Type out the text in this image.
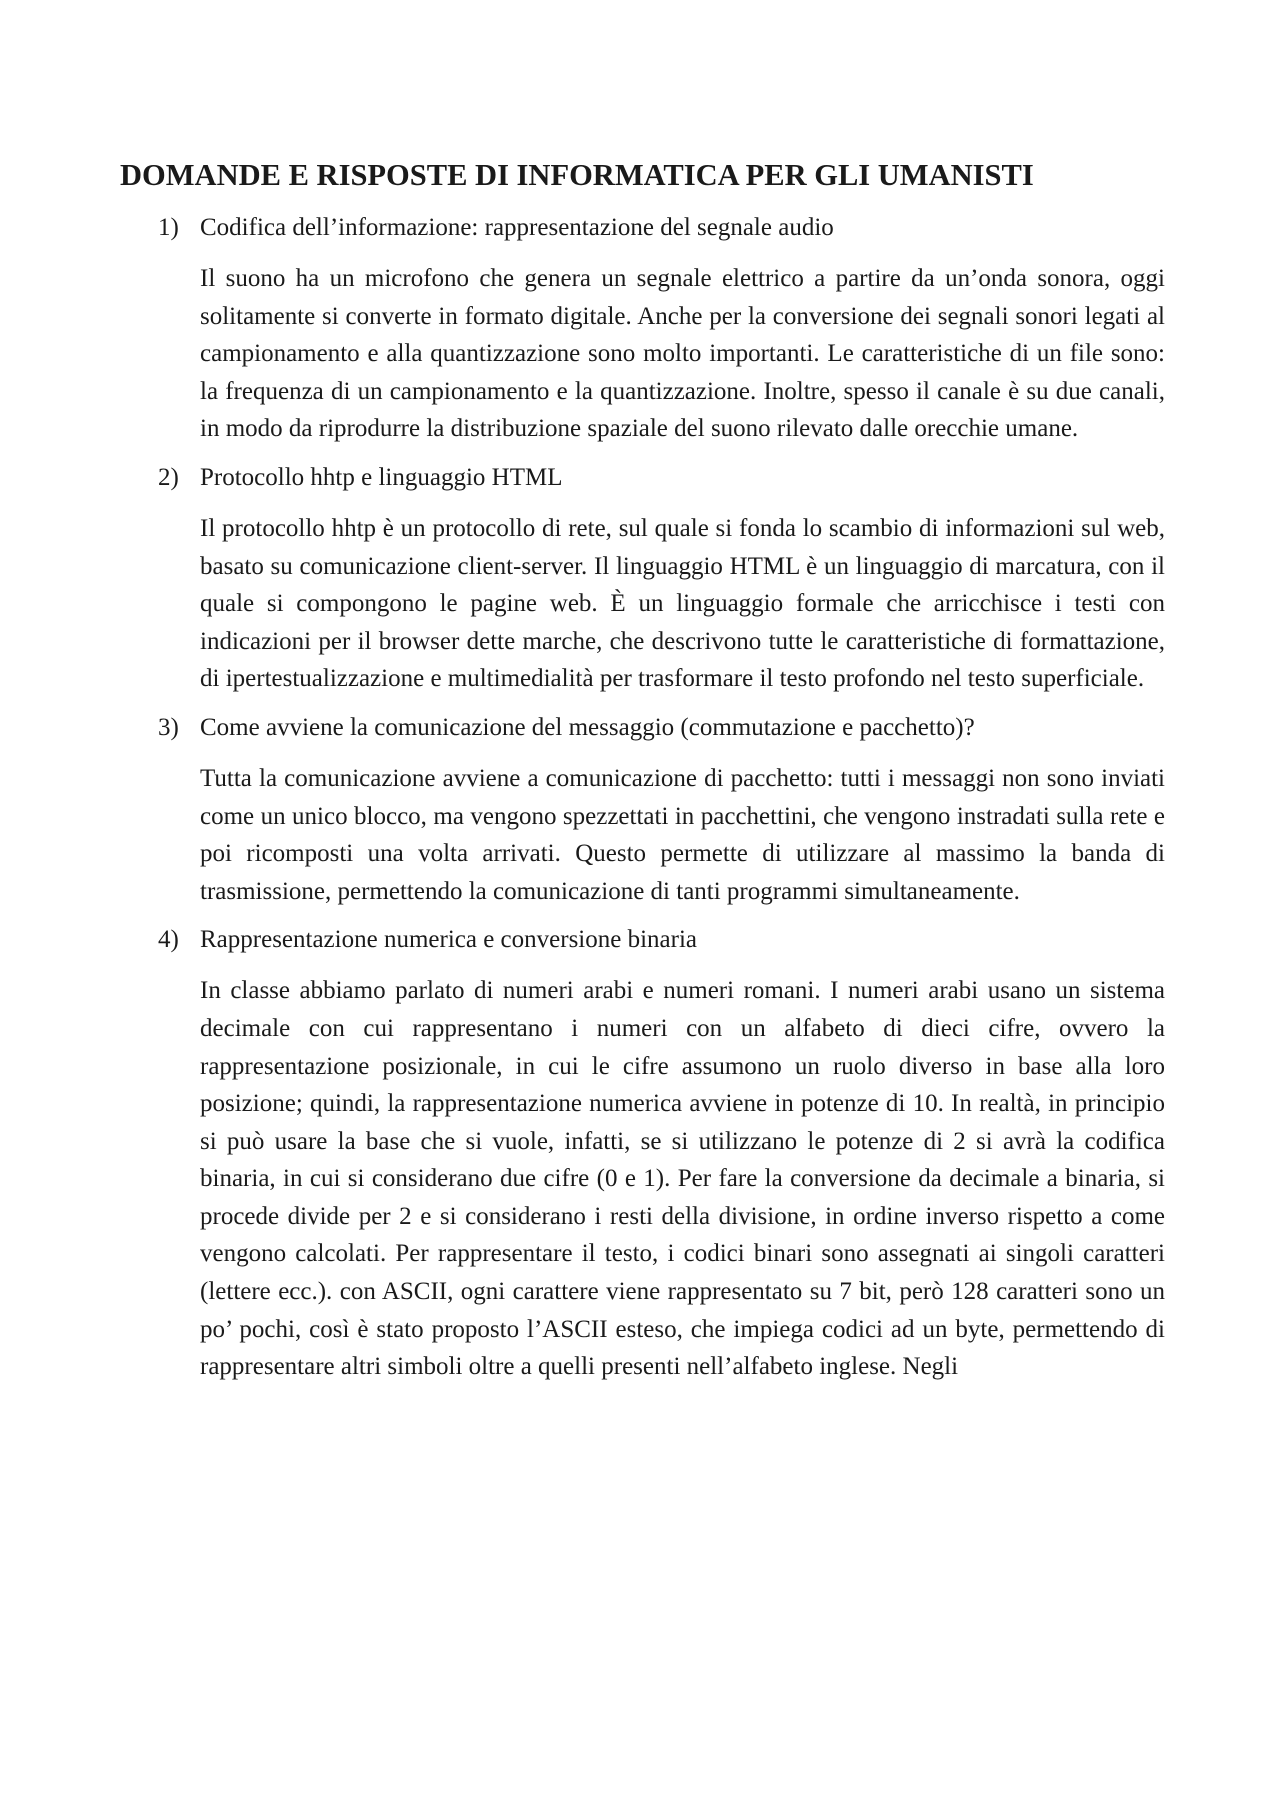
DOMANDE E RISPOSTE DI INFORMATICA PER GLI UMANISTI
1) Codifica dell’informazione: rappresentazione del segnale audio

Il suono ha un microfono che genera un segnale elettrico a partire da un’onda sonora, oggi solitamente si converte in formato digitale. Anche per la conversione dei segnali sonori legati al campionamento e alla quantizzazione sono molto importanti. Le caratteristiche di un file sono: la frequenza di un campionamento e la quantizzazione. Inoltre, spesso il canale è su due canali, in modo da riprodurre la distribuzione spaziale del suono rilevato dalle orecchie umane.

2) Protocollo hhtp e linguaggio HTML

Il protocollo hhtp è un protocollo di rete, sul quale si fonda lo scambio di informazioni sul web, basato su comunicazione client-server. Il linguaggio HTML è un linguaggio di marcatura, con il quale si compongono le pagine web. È un linguaggio formale che arricchisce i testi con indicazioni per il browser dette marche, che descrivono tutte le caratteristiche di formattazione, di ipertestualizzazione e multimedialità per trasformare il testo profondo nel testo superficiale.

3) Come avviene la comunicazione del messaggio (commutazione e pacchetto)?

Tutta la comunicazione avviene a comunicazione di pacchetto: tutti i messaggi non sono inviati come un unico blocco, ma vengono spezzettati in pacchettini, che vengono instradati sulla rete e poi ricomposti una volta arrivati. Questo permette di utilizzare al massimo la banda di trasmissione, permettendo la comunicazione di tanti programmi simultaneamente.

4) Rappresentazione numerica e conversione binaria

In classe abbiamo parlato di numeri arabi e numeri romani. I numeri arabi usano un sistema decimale con cui rappresentano i numeri con un alfabeto di dieci cifre, ovvero la rappresentazione posizionale, in cui le cifre assumono un ruolo diverso in base alla loro posizione; quindi, la rappresentazione numerica avviene in potenze di 10. In realtà, in principio si può usare la base che si vuole, infatti, se si utilizzano le potenze di 2 si avrà la codifica binaria, in cui si considerano due cifre (0 e 1). Per fare la conversione da decimale a binaria, si procede divide per 2 e si considerano i resti della divisione, in ordine inverso rispetto a come vengono calcolati. Per rappresentare il testo, i codici binari sono assegnati ai singoli caratteri (lettere ecc.). con ASCII, ogni carattere viene rappresentato su 7 bit, però 128 caratteri sono un po’ pochi, così è stato proposto l’ASCII esteso, che impiega codici ad un byte, permettendo di rappresentare altri simboli oltre a quelli presenti nell’alfabeto inglese. Negli
